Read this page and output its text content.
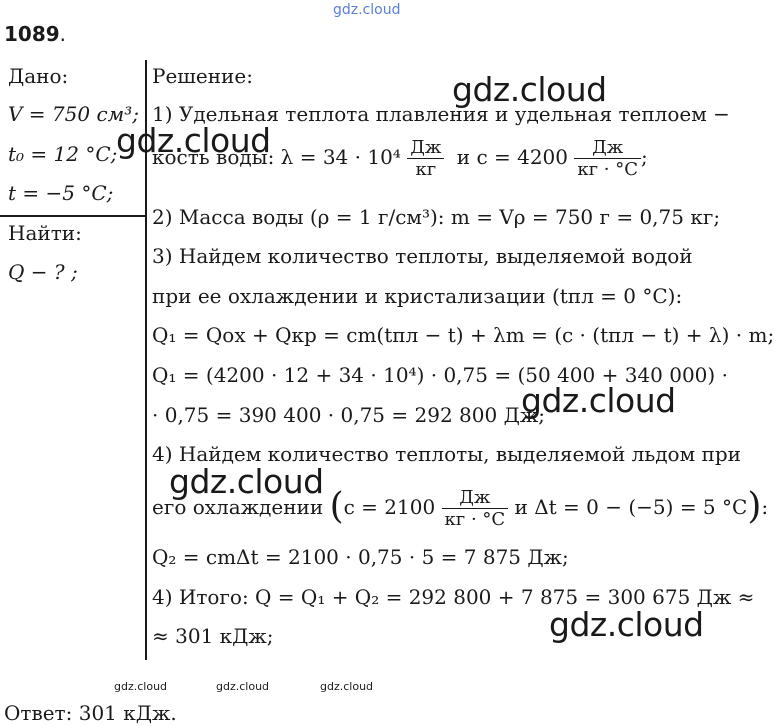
gdz.cloud
1089.
Дано:
V = 750 см³;
t₀ = 12 °C;
t = −5 °C;
Найти:
Q − ? ;
Решение:
1) Удельная теплота плавления и удельная теплоем −
кость воды: $\lambda = 34 \cdot 10^4 \frac{Дж}{кг}$ и $c = 4200 \frac{Дж}{кг \cdot ^\circ C}$ ;
2) Масса воды (ρ = 1 г/см³): m = Vρ = 750 г = 0,75 кг;
3) Найдем количество теплоты, выделяемой водой
при ее охлаждении и кристализации (tпл = 0 °C):
Q₁ = Qох + Qкр = cm(tпл − t) + λm = (c · (tпл − t) + λ) · m;
Q₁ = (4200 · 12 + 34 · 10⁴) · 0,75 = (50 400 + 340 000) ·
· 0,75 = 390 400 · 0,75 = 292 800 Дж;
4) Найдем количество теплоты, выделяемой льдом при
его охлаждении ($c = 2100 \frac{Дж}{кг \cdot ^\circ C}$ и Δt = 0 − (−5) = 5 °C):
Q₂ = cmΔt = 2100 · 0,75 · 5 = 7 875 Дж;
4) Итого: Q = Q₁ + Q₂ = 292 800 + 7 875 = 300 675 Дж ≈
≈ 301 кДж;
gdz.cloud
gdz.cloud
gdz.cloud
gdz.cloud
gdz.cloud
gdz.cloud	gdz.cloud	gdz.cloud
Ответ: 301 кДж.
